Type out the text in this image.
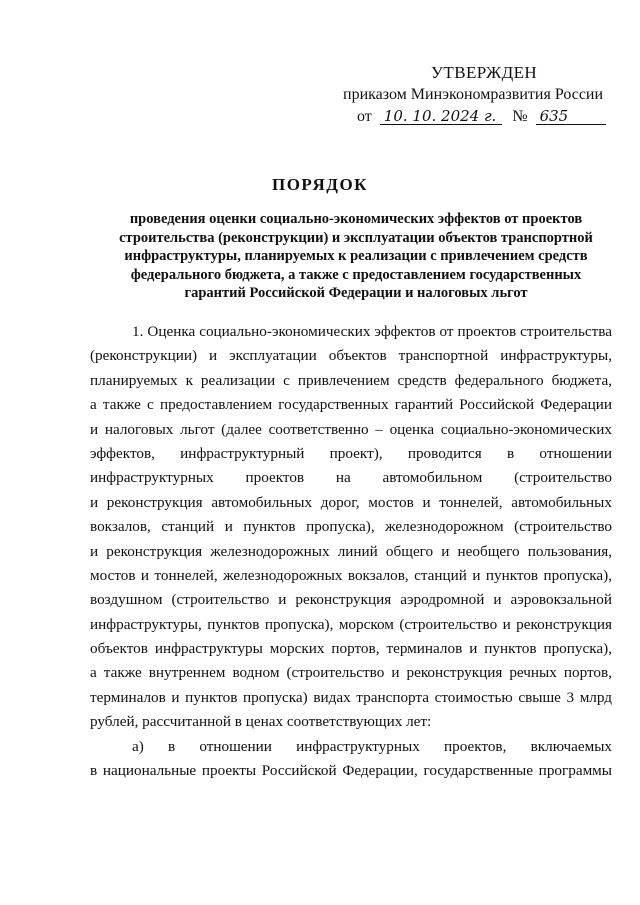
УТВЕРЖДЕН
приказом Минэкономразвития России
от 10. 10. 2024 г. № 635
ПОРЯДОК
проведения оценки социально-экономических эффектов от проектов
строительства (реконструкции) и эксплуатации объектов транспортной
инфраструктуры, планируемых к реализации с привлечением средств
федерального бюджета, а также с предоставлением государственных
гарантий Российской Федерации и налоговых льгот
1. Оценка социально-экономических эффектов от проектов строительства
(реконструкции) и эксплуатации объектов транспортной инфраструктуры,
планируемых к реализации с привлечением средств федерального бюджета,
а также с предоставлением государственных гарантий Российской Федерации
и налоговых льгот (далее соответственно – оценка социально-экономических
эффектов, инфраструктурный проект), проводится в отношении
инфраструктурных проектов на автомобильном (строительство
и реконструкция автомобильных дорог, мостов и тоннелей, автомобильных
вокзалов, станций и пунктов пропуска), железнодорожном (строительство
и реконструкция железнодорожных линий общего и необщего пользования,
мостов и тоннелей, железнодорожных вокзалов, станций и пунктов пропуска),
воздушном (строительство и реконструкция аэродромной и аэровокзальной
инфраструктуры, пунктов пропуска), морском (строительство и реконструкция
объектов инфраструктуры морских портов, терминалов и пунктов пропуска),
а также внутреннем водном (строительство и реконструкция речных портов,
терминалов и пунктов пропуска) видах транспорта стоимостью свыше 3 млрд
рублей, рассчитанной в ценах соответствующих лет:
а) в отношении инфраструктурных проектов, включаемых
в национальные проекты Российской Федерации, государственные программы
